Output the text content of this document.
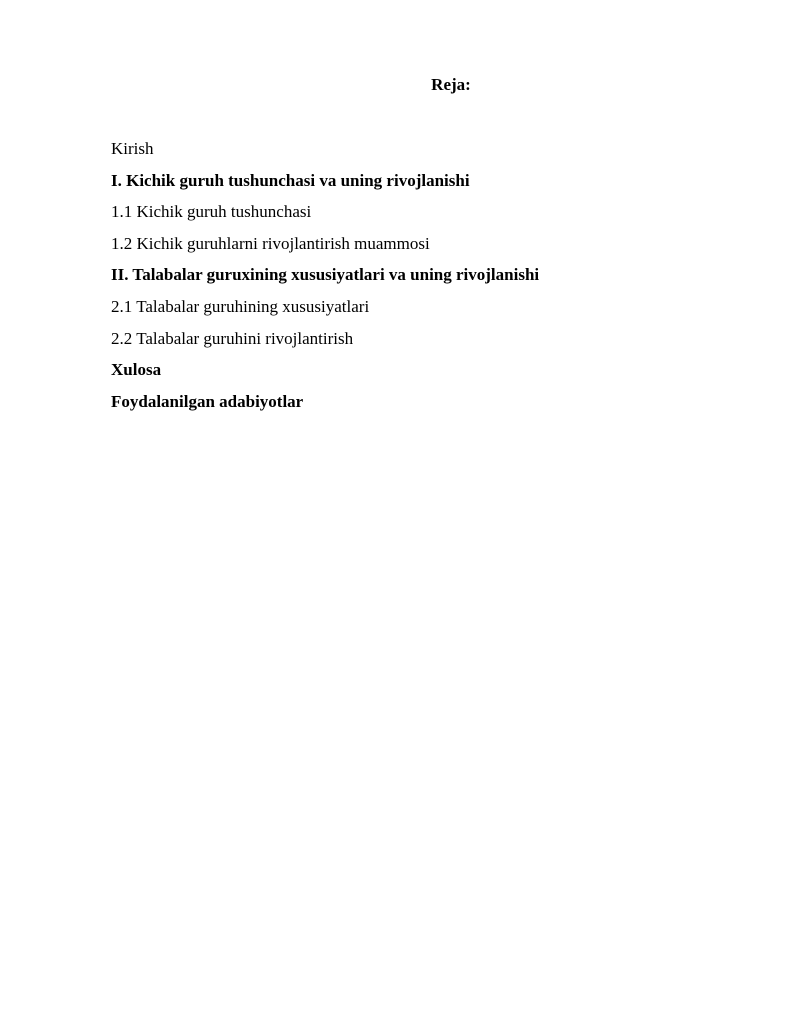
Reja:
Kirish
I. Kichik guruh tushunchasi va uning rivojlanishi
1.1 Kichik guruh tushunchasi
1.2 Kichik guruhlarni rivojlantirish muammosi
II. Talabalar guruxining xususiyatlari va uning rivojlanishi
2.1 Talabalar guruhining xususiyatlari
2.2 Talabalar guruhini rivojlantirish
Xulosa
Foydalanilgan adabiyotlar
